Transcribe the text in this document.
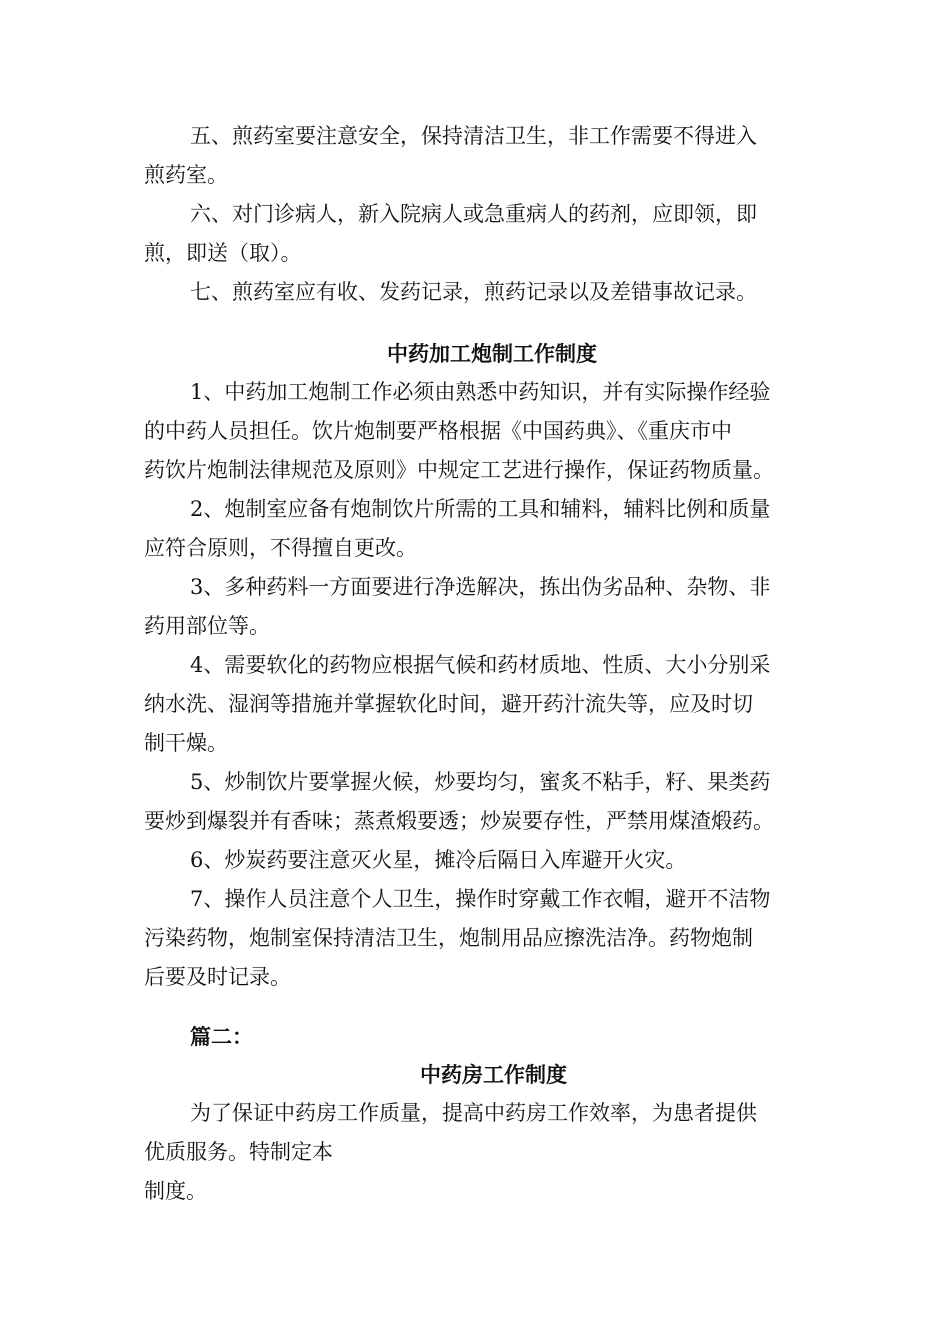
五、煎药室要注意安全，保持清洁卫生，非工作需要不得进入

煎药室。

六、对门诊病人，新入院病人或急重病人的药剂，应即领，即

煎，即送（取）。

七、煎药室应有收、发药记录，煎药记录以及差错事故记录。

中药加工炮制工作制度

1、中药加工炮制工作必须由熟悉中药知识，并有实际操作经验

的中药人员担任。饮片炮制要严格根据《中国药典》、《重庆市中

药饮片炮制法律规范及原则》中规定工艺进行操作，保证药物质量。

2、炮制室应备有炮制饮片所需的工具和辅料，辅料比例和质量

应符合原则，不得擅自更改。

3、多种药料一方面要进行净选解决，拣出伪劣品种、杂物、非

药用部位等。

4、需要软化的药物应根据气候和药材质地、性质、大小分别采

纳水洗、湿润等措施并掌握软化时间，避开药汁流失等，应及时切

制干燥。

5、炒制饮片要掌握火候，炒要均匀，蜜炙不粘手，籽、果类药

要炒到爆裂并有香味；蒸煮煅要透；炒炭要存性，严禁用煤渣煅药。

6、炒炭药要注意灭火星，摊冷后隔日入库避开火灾。

7、操作人员注意个人卫生，操作时穿戴工作衣帽，避开不洁物

污染药物，炮制室保持清洁卫生，炮制用品应擦洗洁净。药物炮制

后要及时记录。

篇二：

中药房工作制度

为了保证中药房工作质量，提高中药房工作效率，为患者提供

优质服务。特制定本

制度。
